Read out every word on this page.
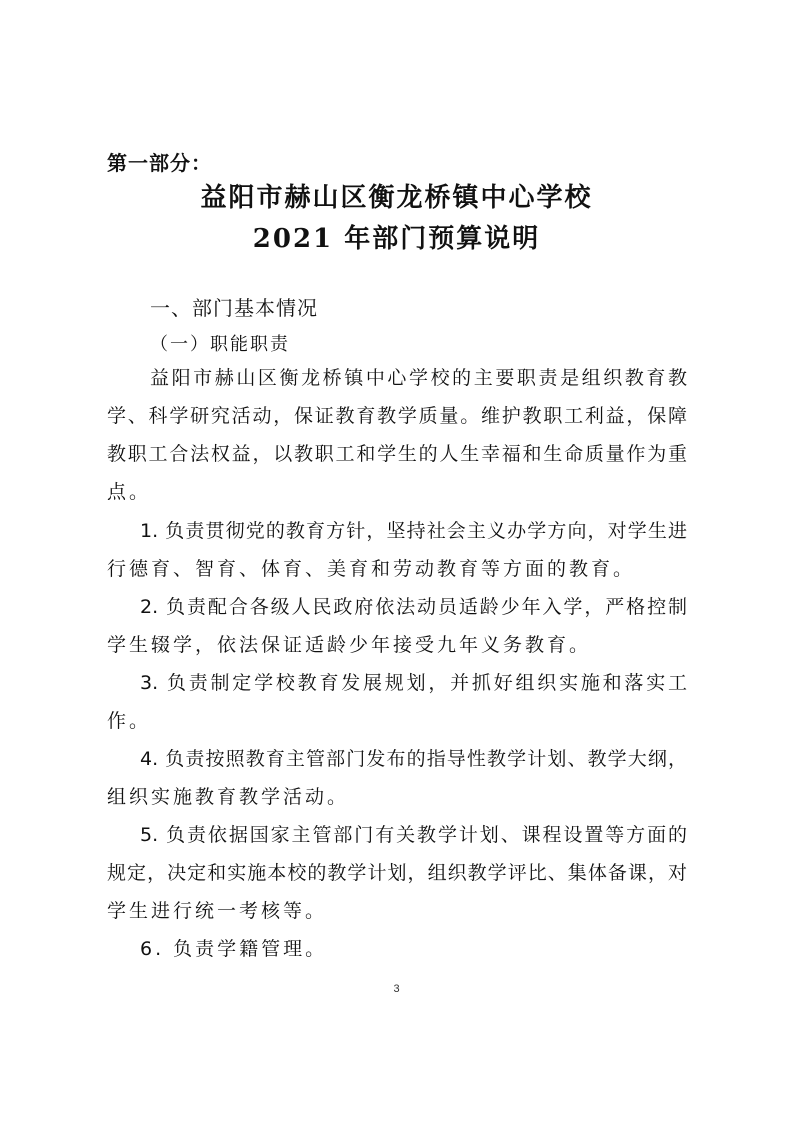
第一部分：
益阳市赫山区衡龙桥镇中心学校
2021 年部门预算说明
一、部门基本情况
（一）职能职责
益阳市赫山区衡龙桥镇中心学校的主要职责是组织教育教
学、科学研究活动，保证教育教学质量。维护教职工利益，保障
教职工合法权益，以教职工和学生的人生幸福和生命质量作为重
点。
1. 负责贯彻党的教育方针，坚持社会主义办学方向，对学生进
行德育、智育、体育、美育和劳动教育等方面的教育。
2. 负责配合各级人民政府依法动员适龄少年入学，严格控制
学生辍学，依法保证适龄少年接受九年义务教育。
3. 负责制定学校教育发展规划，并抓好组织实施和落实工
作。
4. 负责按照教育主管部门发布的指导性教学计划、教学大纲，
组织实施教育教学活动。
5. 负责依据国家主管部门有关教学计划、课程设置等方面的
规定，决定和实施本校的教学计划，组织教学评比、集体备课，对
学生进行统一考核等。
6. 负责学籍管理。
3
